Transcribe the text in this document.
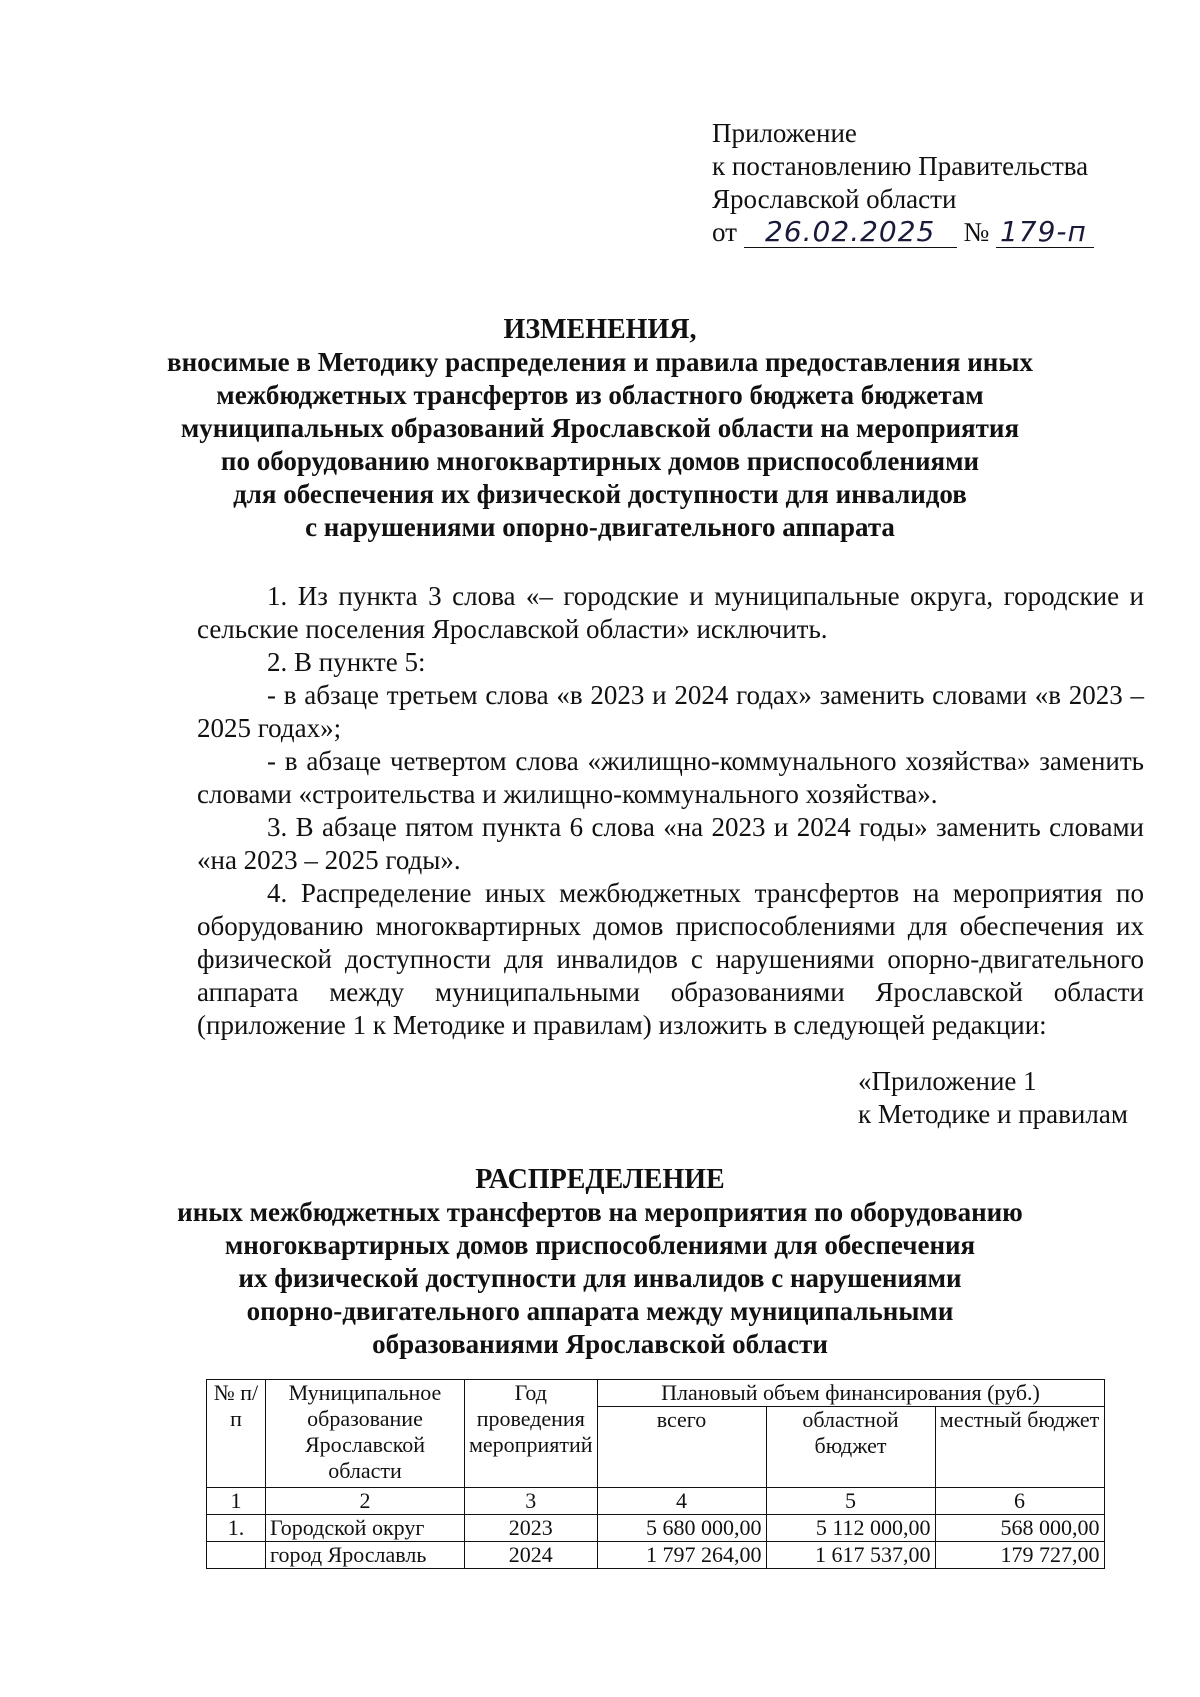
Приложение
к постановлению Правительства
Ярославской области
от 26.02.2025 № 179-п
ИЗМЕНЕНИЯ,
вносимые в Методику распределения и правила предоставления иных
межбюджетных трансфертов из областного бюджета бюджетам
муниципальных образований Ярославской области на мероприятия
по оборудованию многоквартирных домов приспособлениями
для обеспечения их физической доступности для инвалидов
с нарушениями опорно-двигательного аппарата

1. Из пункта 3 слова «– городские и муниципальные округа, городские и сельские поселения Ярославской области» исключить.

2. В пункте 5:

- в абзаце третьем слова «в 2023 и 2024 годах» заменить словами «в 2023 – 2025 годах»;

- в абзаце четвертом слова «жилищно-коммунального хозяйства» заменить словами «строительства и жилищно-коммунального хозяйства».

3. В абзаце пятом пункта 6 слова «на 2023 и 2024 годы» заменить словами «на 2023 – 2025 годы».

4. Распределение иных межбюджетных трансфертов на мероприятия по оборудованию многоквартирных домов приспособлениями для обеспечения их физической доступности для инвалидов с нарушениями опорно-двигательного аппарата между муниципальными образованиями Ярославской области (приложение 1 к Методике и правилам) изложить в следующей редакции:

«Приложение 1
к Методике и правилам
РАСПРЕДЕЛЕНИЕ
иных межбюджетных трансфертов на мероприятия по оборудованию
многоквартирных домов приспособлениями для обеспечения
их физической доступности для инвалидов с нарушениями
опорно-двигательного аппарата между муниципальными
образованиями Ярославской области
№ п/п	Муниципальное образование Ярославской области	Год проведения мероприятий	Плановый объем финансирования (руб.)		
			всего	областной бюджет	местный бюджет
1	2	3	4	5	6
1.	Городской округ	2023	5 680 000,00	5 112 000,00	568 000,00
	город Ярославль	2024	1 797 264,00	1 617 537,00	179 727,00
